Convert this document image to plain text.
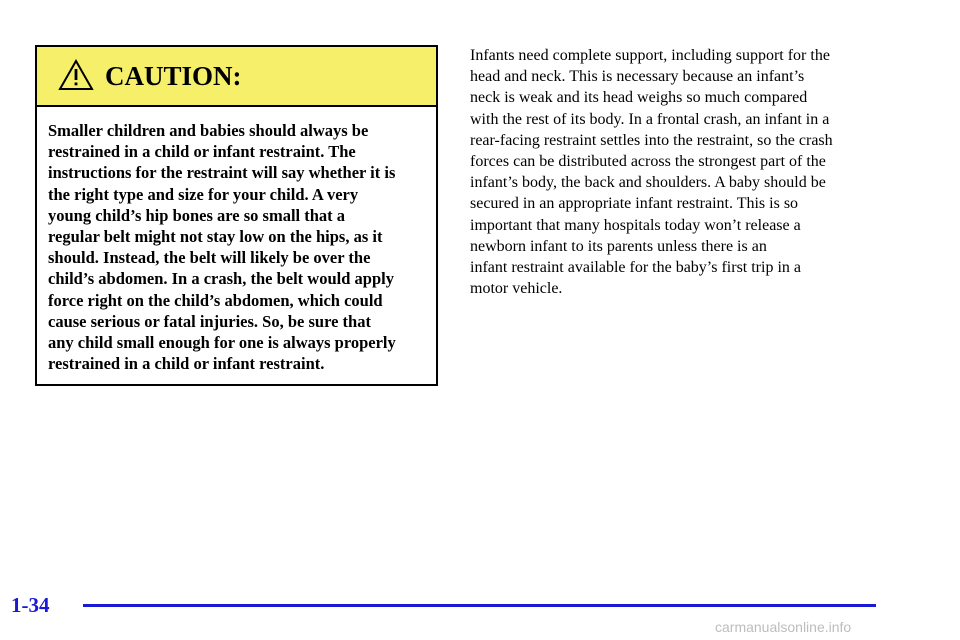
CAUTION:

Smaller children and babies should always be
restrained in a child or infant restraint. The
instructions for the restraint will say whether it is
the right type and size for your child. A very
young child’s hip bones are so small that a
regular belt might not stay low on the hips, as it
should. Instead, the belt will likely be over the
child’s abdomen. In a crash, the belt would apply
force right on the child’s abdomen, which could
cause serious or fatal injuries. So, be sure that
any child small enough for one is always properly
restrained in a child or infant restraint.

Infants need complete support, including support for the
head and neck. This is necessary because an infant’s
neck is weak and its head weighs so much compared
with the rest of its body. In a frontal crash, an infant in a
rear-facing restraint settles into the restraint, so the crash
forces can be distributed across the strongest part of the
infant’s body, the back and shoulders. A baby should be
secured in an appropriate infant restraint. This is so
important that many hospitals today won’t release a
newborn infant to its parents unless there is an
infant restraint available for the baby’s first trip in a
motor vehicle.

1-34
carmanualsonline.info
